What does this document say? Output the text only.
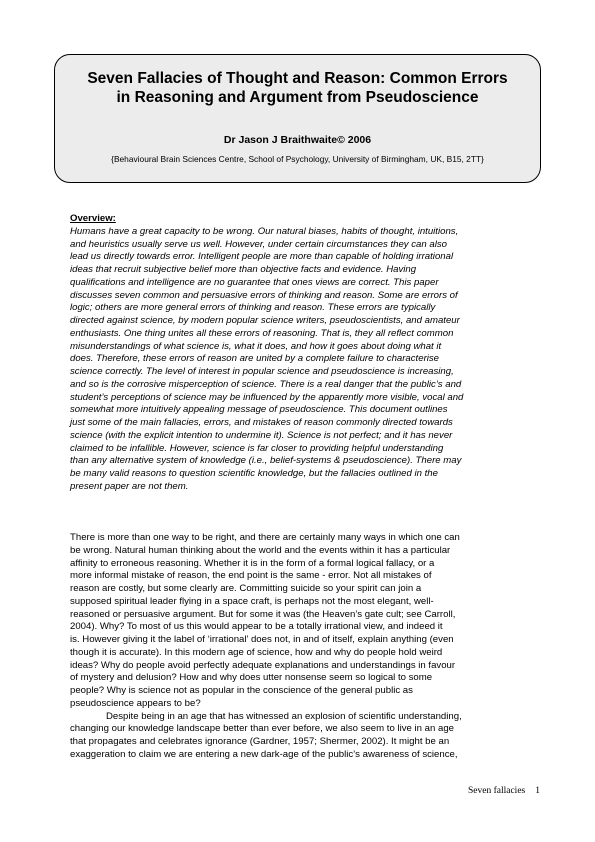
Seven Fallacies of Thought and Reason: Common Errors
in Reasoning and Argument from Pseudoscience
Dr Jason J Braithwaite© 2006
{Behavioural Brain Sciences Centre, School of Psychology, University of Birmingham, UK, B15, 2TT}
Overview:
Humans have a great capacity to be wrong. Our natural biases, habits of thought, intuitions,
and heuristics usually serve us well. However, under certain circumstances they can also
lead us directly towards error. Intelligent people are more than capable of holding irrational
ideas that recruit subjective belief more than objective facts and evidence. Having
qualifications and intelligence are no guarantee that ones views are correct. This paper
discusses seven common and persuasive errors of thinking and reason. Some are errors of
logic; others are more general errors of thinking and reason. These errors are typically
directed against science, by modern popular science writers, pseudoscientists, and amateur
enthusiasts. One thing unites all these errors of reasoning. That is, they all reflect common
misunderstandings of what science is, what it does, and how it goes about doing what it
does. Therefore, these errors of reason are united by a complete failure to characterise
science correctly. The level of interest in popular science and pseudoscience is increasing,
and so is the corrosive misperception of science. There is a real danger that the public’s and
student’s perceptions of science may be influenced by the apparently more visible, vocal and
somewhat more intuitively appealing message of pseudoscience. This document outlines
just some of the main fallacies, errors, and mistakes of reason commonly directed towards
science (with the explicit intention to undermine it). Science is not perfect; and it has never
claimed to be infallible. However, science is far closer to providing helpful understanding
than any alternative system of knowledge (i.e., belief-systems & pseudoscience). There may
be many valid reasons to question scientific knowledge, but the fallacies outlined in the
present paper are not them.
There is more than one way to be right, and there are certainly many ways in which one can
be wrong. Natural human thinking about the world and the events within it has a particular
affinity to erroneous reasoning. Whether it is in the form of a formal logical fallacy, or a
more informal mistake of reason, the end point is the same - error. Not all mistakes of
reason are costly, but some clearly are. Committing suicide so your spirit can join a
supposed spiritual leader flying in a space craft, is perhaps not the most elegant, well-
reasoned or persuasive argument. But for some it was (the Heaven’s gate cult; see Carroll,
2004). Why? To most of us this would appear to be a totally irrational view, and indeed it
is. However giving it the label of ‘irrational’ does not, in and of itself, explain anything (even
though it is accurate). In this modern age of science, how and why do people hold weird
ideas? Why do people avoid perfectly adequate explanations and understandings in favour
of mystery and delusion? How and why does utter nonsense seem so logical to some
people? Why is science not as popular in the conscience of the general public as
pseudoscience appears to be?
Despite being in an age that has witnessed an explosion of scientific understanding,
changing our knowledge landscape better than ever before, we also seem to live in an age
that propagates and celebrates ignorance (Gardner, 1957; Shermer, 2002). It might be an
exaggeration to claim we are entering a new dark-age of the public’s awareness of science,
Seven fallacies 1
